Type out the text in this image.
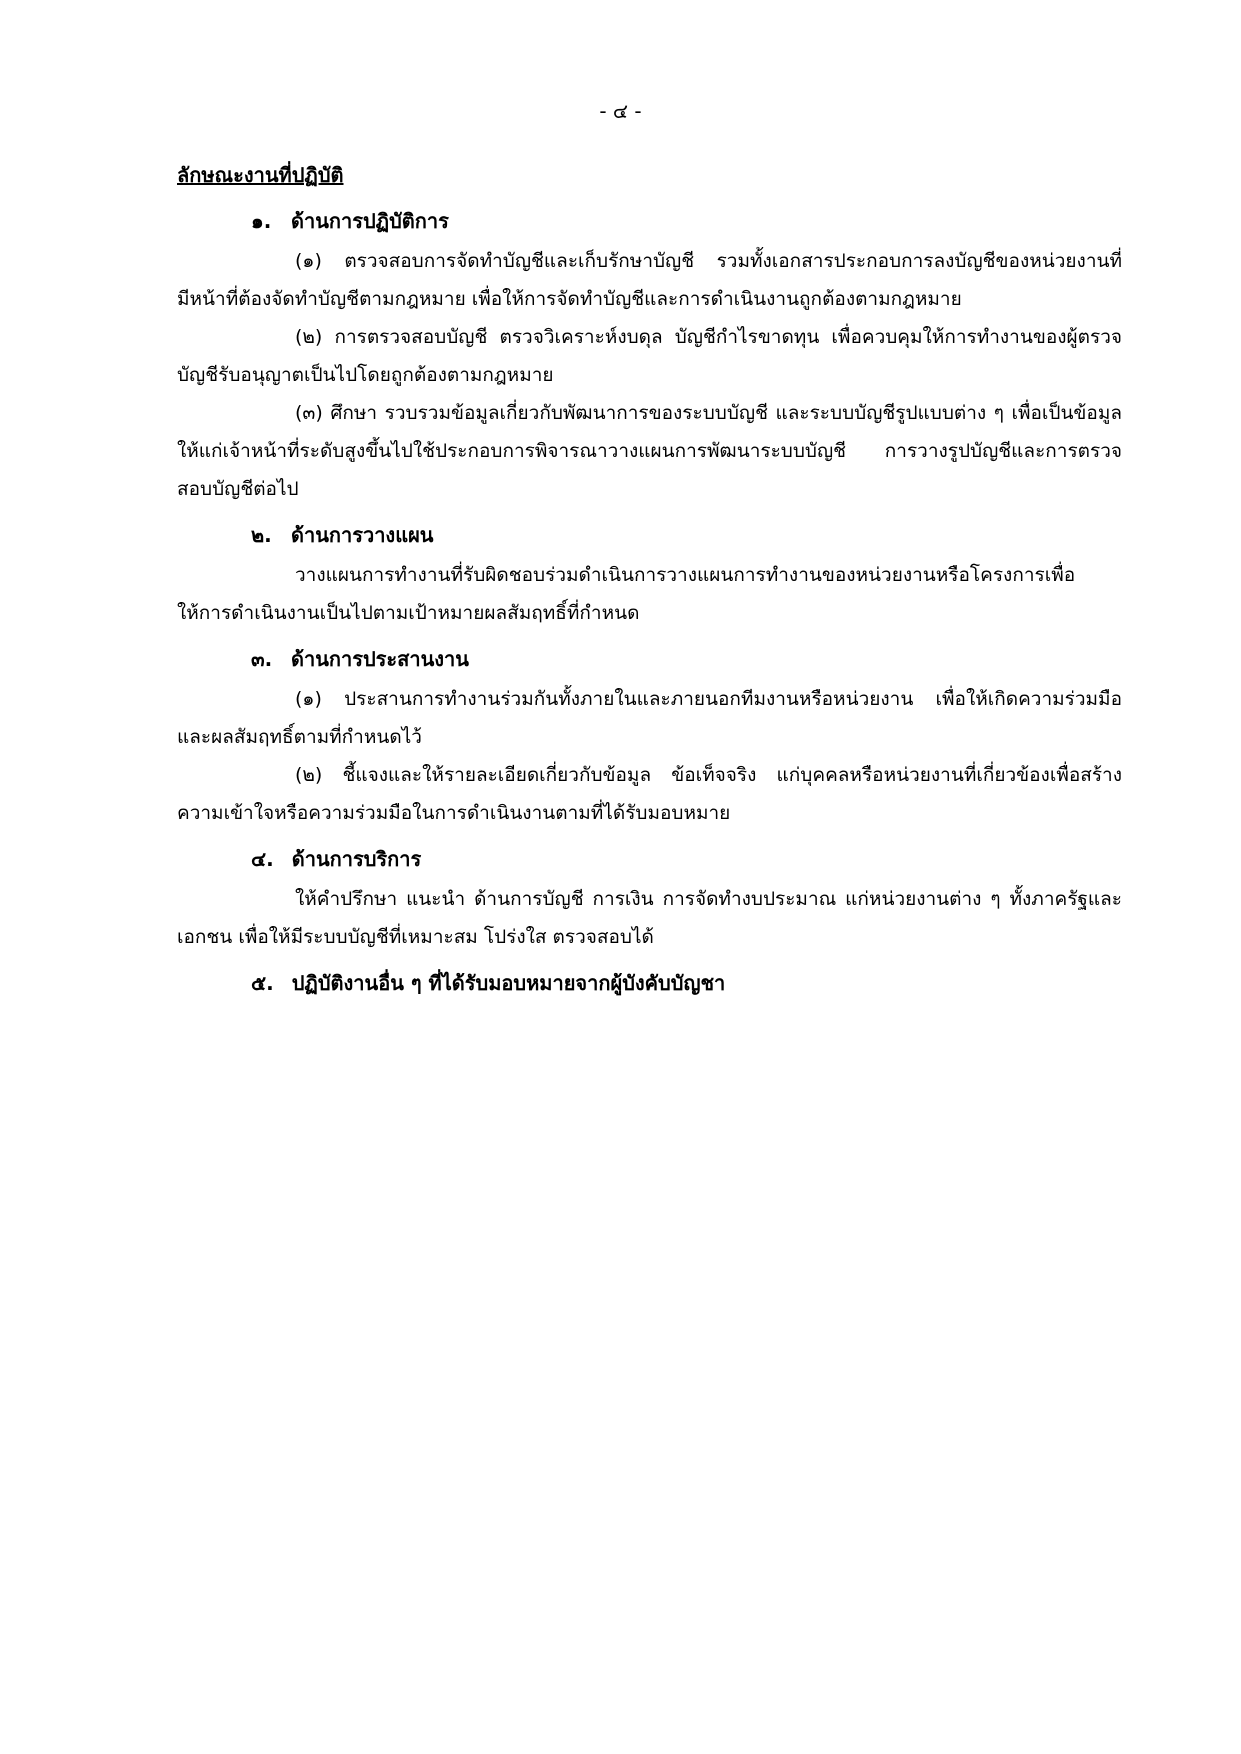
- ๔ -
ลักษณะงานที่ปฏิบัติ
๑. ด้านการปฏิบัติการ

(๑) ตรวจสอบการจัดทำบัญชีและเก็บรักษาบัญชี รวมทั้งเอกสารประกอบการลงบัญชีของหน่วยงานที่มีหน้าที่ต้องจัดทำบัญชีตามกฎหมาย เพื่อให้การจัดทำบัญชีและการดำเนินงานถูกต้องตามกฎหมาย

(๒) การตรวจสอบบัญชี ตรวจวิเคราะห์งบดุล บัญชีกำไรขาดทุน เพื่อควบคุมให้การทำงานของผู้ตรวจบัญชีรับอนุญาตเป็นไปโดยถูกต้องตามกฎหมาย

(๓) ศึกษา รวบรวมข้อมูลเกี่ยวกับพัฒนาการของระบบบัญชี และระบบบัญชีรูปแบบต่าง ๆ เพื่อเป็นข้อมูลให้แก่เจ้าหน้าที่ระดับสูงขึ้นไปใช้ประกอบการพิจารณาวางแผนการพัฒนาระบบบัญชี การวางรูปบัญชีและการตรวจสอบบัญชีต่อไป

๒. ด้านการวางแผน

วางแผนการทำงานที่รับผิดชอบร่วมดำเนินการวางแผนการทำงานของหน่วยงานหรือโครงการเพื่อให้การดำเนินงานเป็นไปตามเป้าหมายผลสัมฤทธิ์ที่กำหนด

๓. ด้านการประสานงาน

(๑) ประสานการทำงานร่วมกันทั้งภายในและภายนอกทีมงานหรือหน่วยงาน เพื่อให้เกิดความร่วมมือและผลสัมฤทธิ์ตามที่กำหนดไว้

(๒) ชี้แจงและให้รายละเอียดเกี่ยวกับข้อมูล ข้อเท็จจริง แก่บุคคลหรือหน่วยงานที่เกี่ยวข้องเพื่อสร้างความเข้าใจหรือความร่วมมือในการดำเนินงานตามที่ได้รับมอบหมาย

๔. ด้านการบริการ

ให้คำปรึกษา แนะนำ ด้านการบัญชี การเงิน การจัดทำงบประมาณ แก่หน่วยงานต่าง ๆ ทั้งภาครัฐและเอกชน เพื่อให้มีระบบบัญชีที่เหมาะสม โปร่งใส ตรวจสอบได้

๕. ปฏิบัติงานอื่น ๆ ที่ได้รับมอบหมายจากผู้บังคับบัญชา
